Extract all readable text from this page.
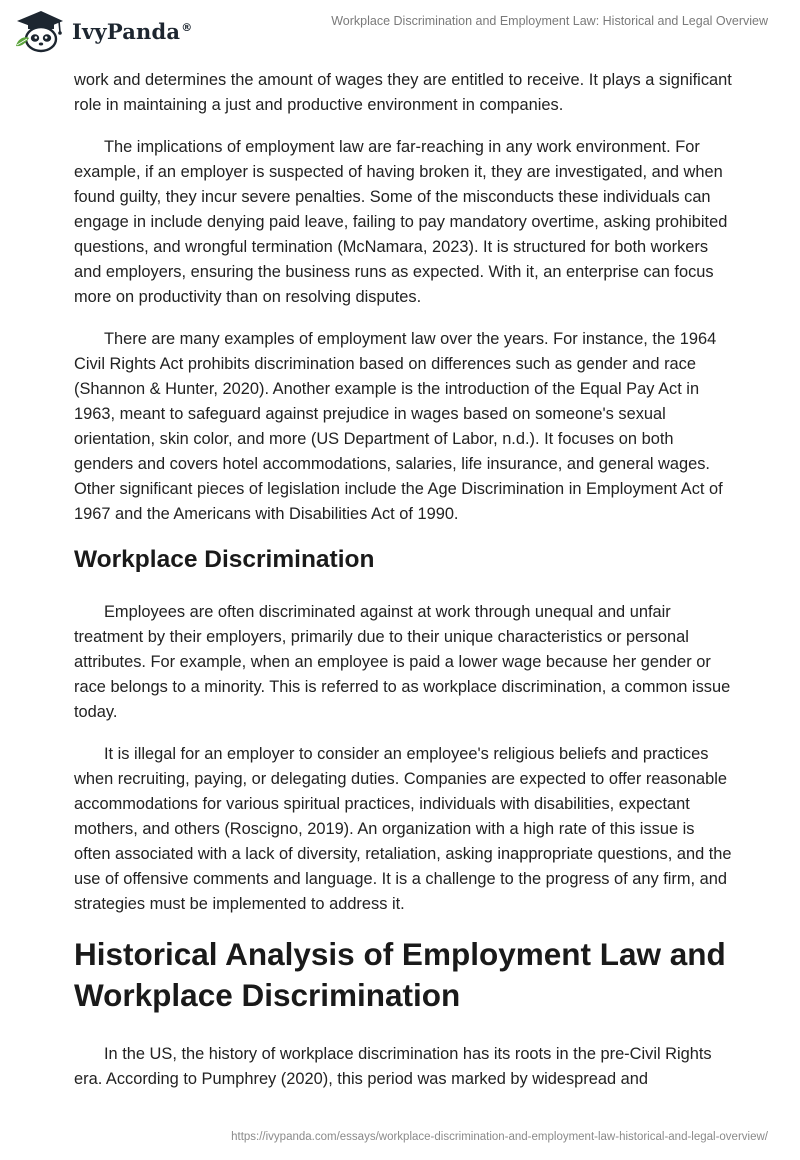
IvyPanda®	Workplace Discrimination and Employment Law: Historical and Legal Overview

work and determines the amount of wages they are entitled to receive. It plays a significant role in maintaining a just and productive environment in companies.

The implications of employment law are far-reaching in any work environment. For example, if an employer is suspected of having broken it, they are investigated, and when found guilty, they incur severe penalties. Some of the misconducts these individuals can engage in include denying paid leave, failing to pay mandatory overtime, asking prohibited questions, and wrongful termination (McNamara, 2023). It is structured for both workers and employers, ensuring the business runs as expected. With it, an enterprise can focus more on productivity than on resolving disputes.

There are many examples of employment law over the years. For instance, the 1964 Civil Rights Act prohibits discrimination based on differences such as gender and race (Shannon & Hunter, 2020). Another example is the introduction of the Equal Pay Act in 1963, meant to safeguard against prejudice in wages based on someone's sexual orientation, skin color, and more (US Department of Labor, n.d.). It focuses on both genders and covers hotel accommodations, salaries, life insurance, and general wages. Other significant pieces of legislation include the Age Discrimination in Employment Act of 1967 and the Americans with Disabilities Act of 1990.

Workplace Discrimination

Employees are often discriminated against at work through unequal and unfair treatment by their employers, primarily due to their unique characteristics or personal attributes. For example, when an employee is paid a lower wage because her gender or race belongs to a minority. This is referred to as workplace discrimination, a common issue today.

It is illegal for an employer to consider an employee's religious beliefs and practices when recruiting, paying, or delegating duties. Companies are expected to offer reasonable accommodations for various spiritual practices, individuals with disabilities, expectant mothers, and others (Roscigno, 2019). An organization with a high rate of this issue is often associated with a lack of diversity, retaliation, asking inappropriate questions, and the use of offensive comments and language. It is a challenge to the progress of any firm, and strategies must be implemented to address it.

Historical Analysis of Employment Law and Workplace Discrimination

In the US, the history of workplace discrimination has its roots in the pre-Civil Rights era. According to Pumphrey (2020), this period was marked by widespread and

https://ivypanda.com/essays/workplace-discrimination-and-employment-law-historical-and-legal-overview/
